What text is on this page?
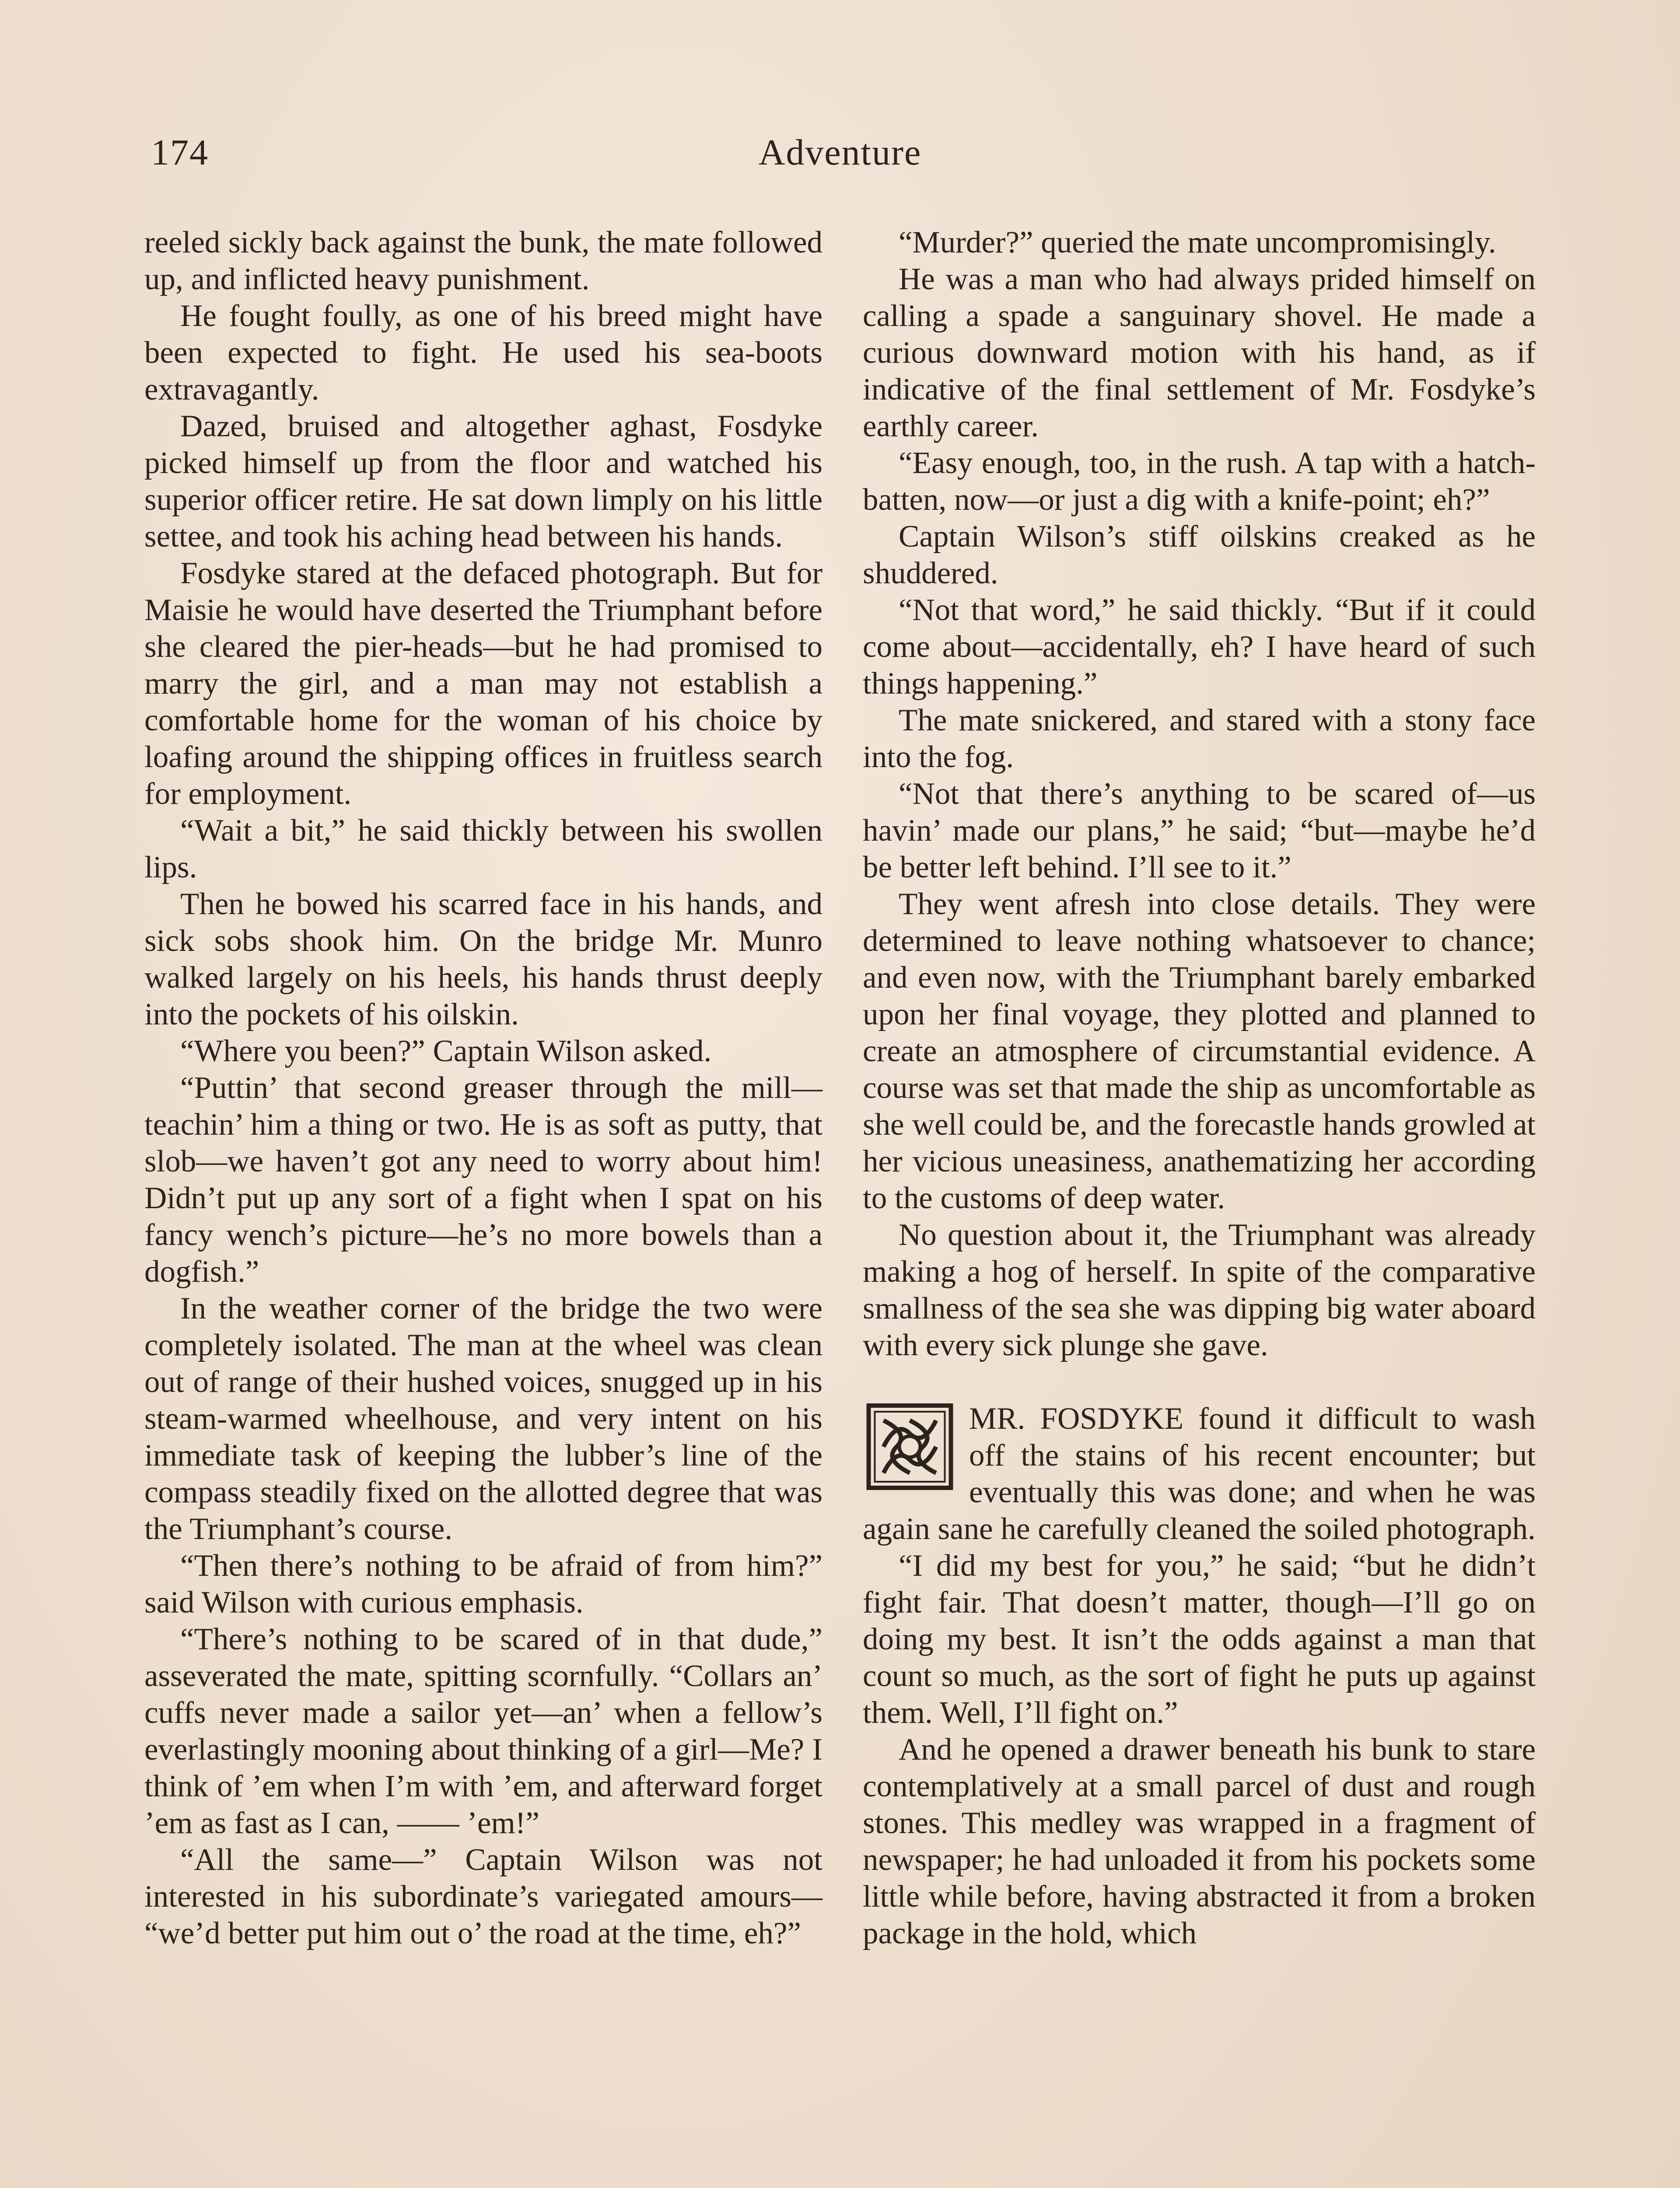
174	Adventure

reeled sickly back against the bunk, the mate followed up, and inflicted heavy punishment.

He fought foully, as one of his breed might have been expected to fight. He used his sea-boots extravagantly.

Dazed, bruised and altogether aghast, Fosdyke picked himself up from the floor and watched his superior officer retire. He sat down limply on his little settee, and took his aching head between his hands.

Fosdyke stared at the defaced photograph. But for Maisie he would have deserted the Triumphant before she cleared the pier-heads—but he had promised to marry the girl, and a man may not establish a comfortable home for the woman of his choice by loafing around the shipping offices in fruitless search for employment.

“Wait a bit,” he said thickly between his swollen lips.

Then he bowed his scarred face in his hands, and sick sobs shook him. On the bridge Mr. Munro walked largely on his heels, his hands thrust deeply into the pockets of his oilskin.

“Where you been?” Captain Wilson asked.

“Puttin’ that second greaser through the mill—teachin’ him a thing or two. He is as soft as putty, that slob—we haven’t got any need to worry about him! Didn’t put up any sort of a fight when I spat on his fancy wench’s picture—he’s no more bowels than a dogfish.”

In the weather corner of the bridge the two were completely isolated. The man at the wheel was clean out of range of their hushed voices, snugged up in his steam-warmed wheelhouse, and very intent on his immediate task of keeping the lubber’s line of the compass steadily fixed on the allotted degree that was the Triumphant’s course.

“Then there’s nothing to be afraid of from him?” said Wilson with curious emphasis.

“There’s nothing to be scared of in that dude,” asseverated the mate, spitting scornfully. “Collars an’ cuffs never made a sailor yet—an’ when a fellow’s everlastingly mooning about thinking of a girl—Me? I think of ’em when I’m with ’em, and afterward forget ’em as fast as I can, —— ’em!”

“All the same—” Captain Wilson was not interested in his subordinate’s variegated amours— “we’d better put him out o’ the road at the time, eh?”

“Murder?” queried the mate uncompromisingly.

He was a man who had always prided himself on calling a spade a sanguinary shovel. He made a curious downward motion with his hand, as if indicative of the final settlement of Mr. Fosdyke’s earthly career.

“Easy enough, too, in the rush. A tap with a hatch-batten, now—or just a dig with a knife-point; eh?”

Captain Wilson’s stiff oilskins creaked as he shuddered.

“Not that word,” he said thickly. “But if it could come about—accidentally, eh? I have heard of such things happening.”

The mate snickered, and stared with a stony face into the fog.

“Not that there’s anything to be scared of—us havin’ made our plans,” he said; “but—maybe he’d be better left behind. I’ll see to it.”

They went afresh into close details. They were determined to leave nothing whatsoever to chance; and even now, with the Triumphant barely embarked upon her final voyage, they plotted and planned to create an atmosphere of circumstantial evidence. A course was set that made the ship as uncomfortable as she well could be, and the forecastle hands growled at her vicious uneasiness, anathematizing her according to the customs of deep water.

No question about it, the Triumphant was already making a hog of herself. In spite of the comparative smallness of the sea she was dipping big water aboard with every sick plunge she gave.

MR. FOSDYKE found it difficult to wash off the stains of his recent encounter; but eventually this was done; and when he was again sane he carefully cleaned the soiled photograph.

“I did my best for you,” he said; “but he didn’t fight fair. That doesn’t matter, though—I’ll go on doing my best. It isn’t the odds against a man that count so much, as the sort of fight he puts up against them. Well, I’ll fight on.”

And he opened a drawer beneath his bunk to stare contemplatively at a small parcel of dust and rough stones. This medley was wrapped in a fragment of newspaper; he had unloaded it from his pockets some little while before, having abstracted it from a broken package in the hold, which
